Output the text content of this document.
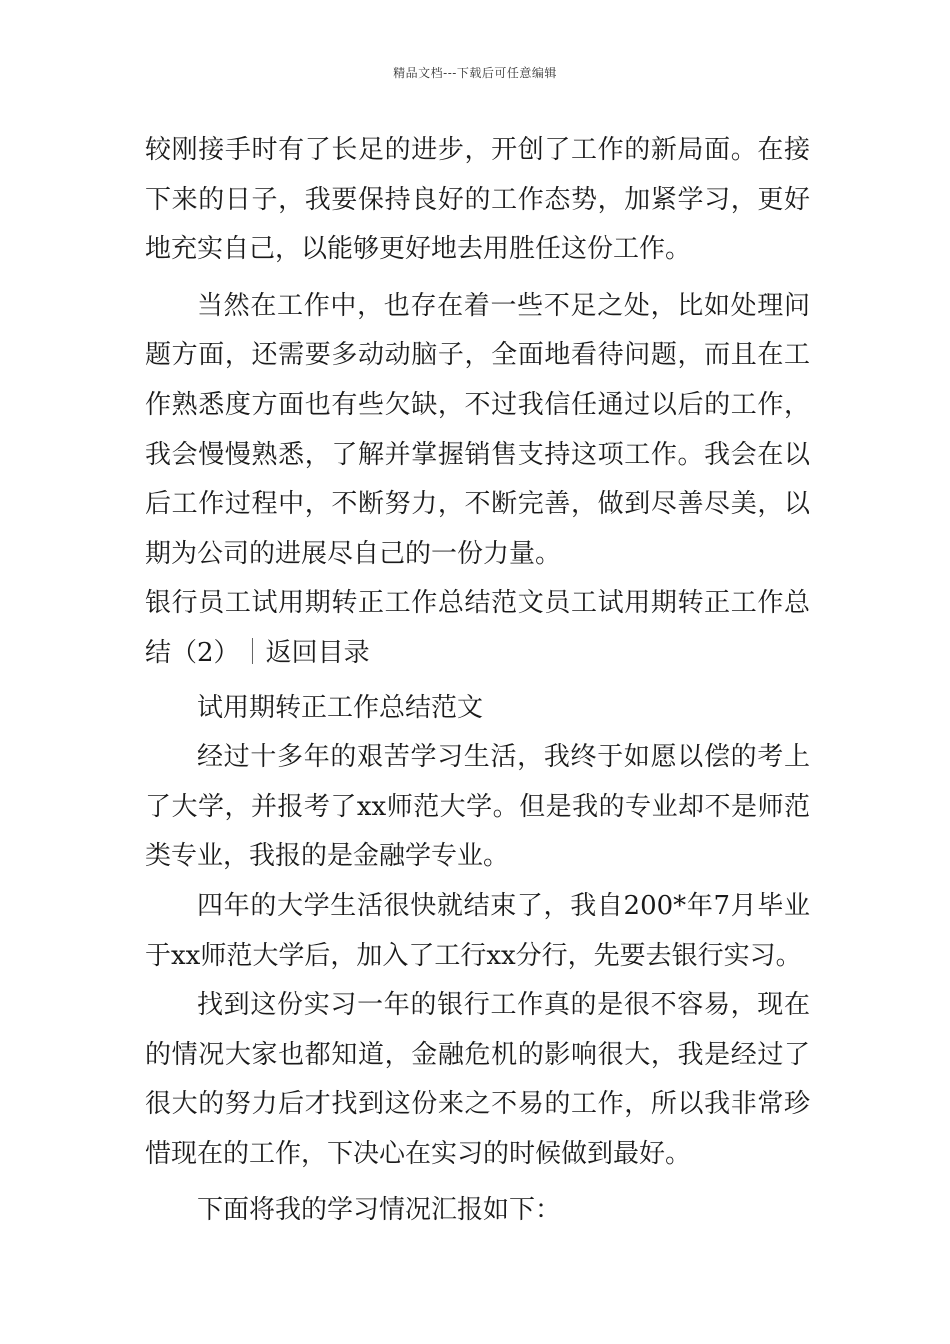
精品文档---下载后可任意编辑

较刚接手时有了长足的进步，开创了工作的新局面。在接下来的日子，我要保持良好的工作态势，加紧学习，更好地充实自己，以能够更好地去用胜任这份工作。

当然在工作中，也存在着一些不足之处，比如处理问题方面，还需要多动动脑子，全面地看待问题，而且在工作熟悉度方面也有些欠缺，不过我信任通过以后的工作，我会慢慢熟悉，了解并掌握销售支持这项工作。我会在以后工作过程中，不断努力，不断完善，做到尽善尽美，以期为公司的进展尽自己的一份力量。

银行员工试用期转正工作总结范文员工试用期转正工作总结（2）｜返回目录

试用期转正工作总结范文

经过十多年的艰苦学习生活，我终于如愿以偿的考上了大学，并报考了xx师范大学。但是我的专业却不是师范类专业，我报的是金融学专业。

四年的大学生活很快就结束了，我自200*年7月毕业于xx师范大学后，加入了工行xx分行，先要去银行实习。

找到这份实习一年的银行工作真的是很不容易，现在的情况大家也都知道，金融危机的影响很大，我是经过了很大的努力后才找到这份来之不易的工作，所以我非常珍惜现在的工作，下决心在实习的时候做到最好。

下面将我的学习情况汇报如下：
